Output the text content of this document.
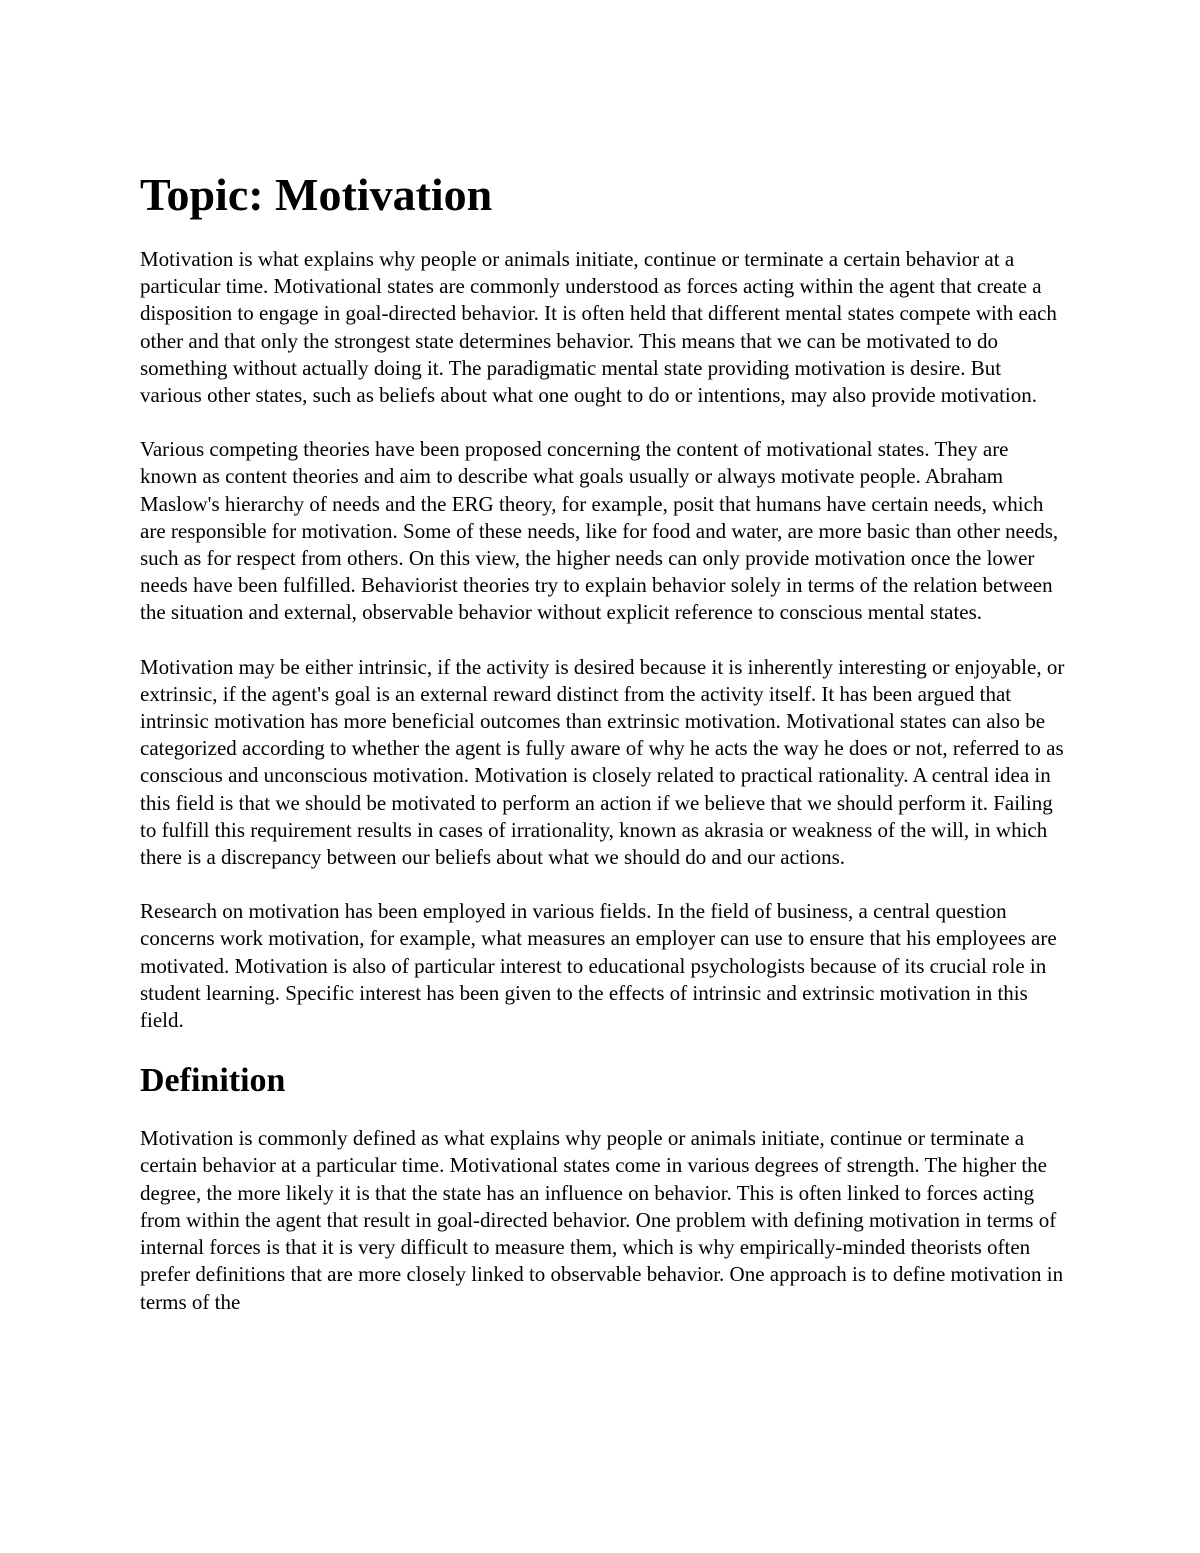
Topic: Motivation

Motivation is what explains why people or animals initiate, continue or terminate a certain behavior at a particular time. Motivational states are commonly understood as forces acting within the agent that create a disposition to engage in goal-directed behavior. It is often held that different mental states compete with each other and that only the strongest state determines behavior. This means that we can be motivated to do something without actually doing it. The paradigmatic mental state providing motivation is desire. But various other states, such as beliefs about what one ought to do or intentions, may also provide motivation.

Various competing theories have been proposed concerning the content of motivational states. They are known as content theories and aim to describe what goals usually or always motivate people. Abraham Maslow's hierarchy of needs and the ERG theory, for example, posit that humans have certain needs, which are responsible for motivation. Some of these needs, like for food and water, are more basic than other needs, such as for respect from others. On this view, the higher needs can only provide motivation once the lower needs have been fulfilled. Behaviorist theories try to explain behavior solely in terms of the relation between the situation and external, observable behavior without explicit reference to conscious mental states.

Motivation may be either intrinsic, if the activity is desired because it is inherently interesting or enjoyable, or extrinsic, if the agent's goal is an external reward distinct from the activity itself. It has been argued that intrinsic motivation has more beneficial outcomes than extrinsic motivation. Motivational states can also be categorized according to whether the agent is fully aware of why he acts the way he does or not, referred to as conscious and unconscious motivation. Motivation is closely related to practical rationality. A central idea in this field is that we should be motivated to perform an action if we believe that we should perform it. Failing to fulfill this requirement results in cases of irrationality, known as akrasia or weakness of the will, in which there is a discrepancy between our beliefs about what we should do and our actions.

Research on motivation has been employed in various fields. In the field of business, a central question concerns work motivation, for example, what measures an employer can use to ensure that his employees are motivated. Motivation is also of particular interest to educational psychologists because of its crucial role in student learning. Specific interest has been given to the effects of intrinsic and extrinsic motivation in this field.

Definition

Motivation is commonly defined as what explains why people or animals initiate, continue or terminate a certain behavior at a particular time. Motivational states come in various degrees of strength. The higher the degree, the more likely it is that the state has an influence on behavior. This is often linked to forces acting from within the agent that result in goal-directed behavior. One problem with defining motivation in terms of internal forces is that it is very difficult to measure them, which is why empirically-minded theorists often prefer definitions that are more closely linked to observable behavior. One approach is to define motivation in terms of the
